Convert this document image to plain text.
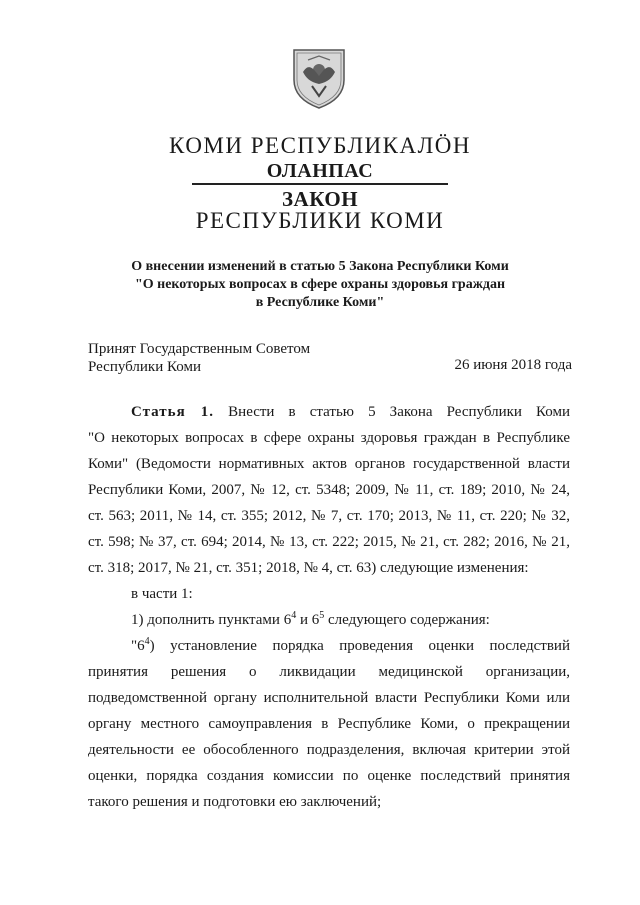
КОМИ РЕСПУБЛИКАЛÖН
ОЛАНПАС
ЗАКОН
РЕСПУБЛИКИ КОМИ
О внесении изменений в статью 5 Закона Республики Коми
"О некоторых вопросах в сфере охраны здоровья граждан
в Республике Коми"
Принят Государственным Советом
Республики Коми	26 июня 2018 года
Статья 1. Внести в статью 5 Закона Республики Коми
"О некоторых вопросах в сфере охраны здоровья граждан в Республике
Коми" (Ведомости нормативных актов органов государственной власти
Республики Коми, 2007, № 12, ст. 5348; 2009, № 11, ст. 189; 2010, № 24,
ст. 563; 2011, № 14, ст. 355; 2012, № 7, ст. 170; 2013, № 11, ст. 220; № 32,
ст. 598; № 37, ст. 694; 2014, № 13, ст. 222; 2015, № 21, ст. 282; 2016, № 21,
ст. 318; 2017, № 21, ст. 351; 2018, № 4, ст. 63) следующие изменения:
в части 1:
1) дополнить пунктами $6^4$ и $6^5$ следующего содержания:
"$6^4$) установление порядка проведения оценки последствий
принятия решения о ликвидации медицинской организации,
подведомственной органу исполнительной власти Республики Коми или
органу местного самоуправления в Республике Коми, о прекращении
деятельности ее обособленного подразделения, включая критерии этой
оценки, порядка создания комиссии по оценке последствий принятия
такого решения и подготовки ею заключений;
